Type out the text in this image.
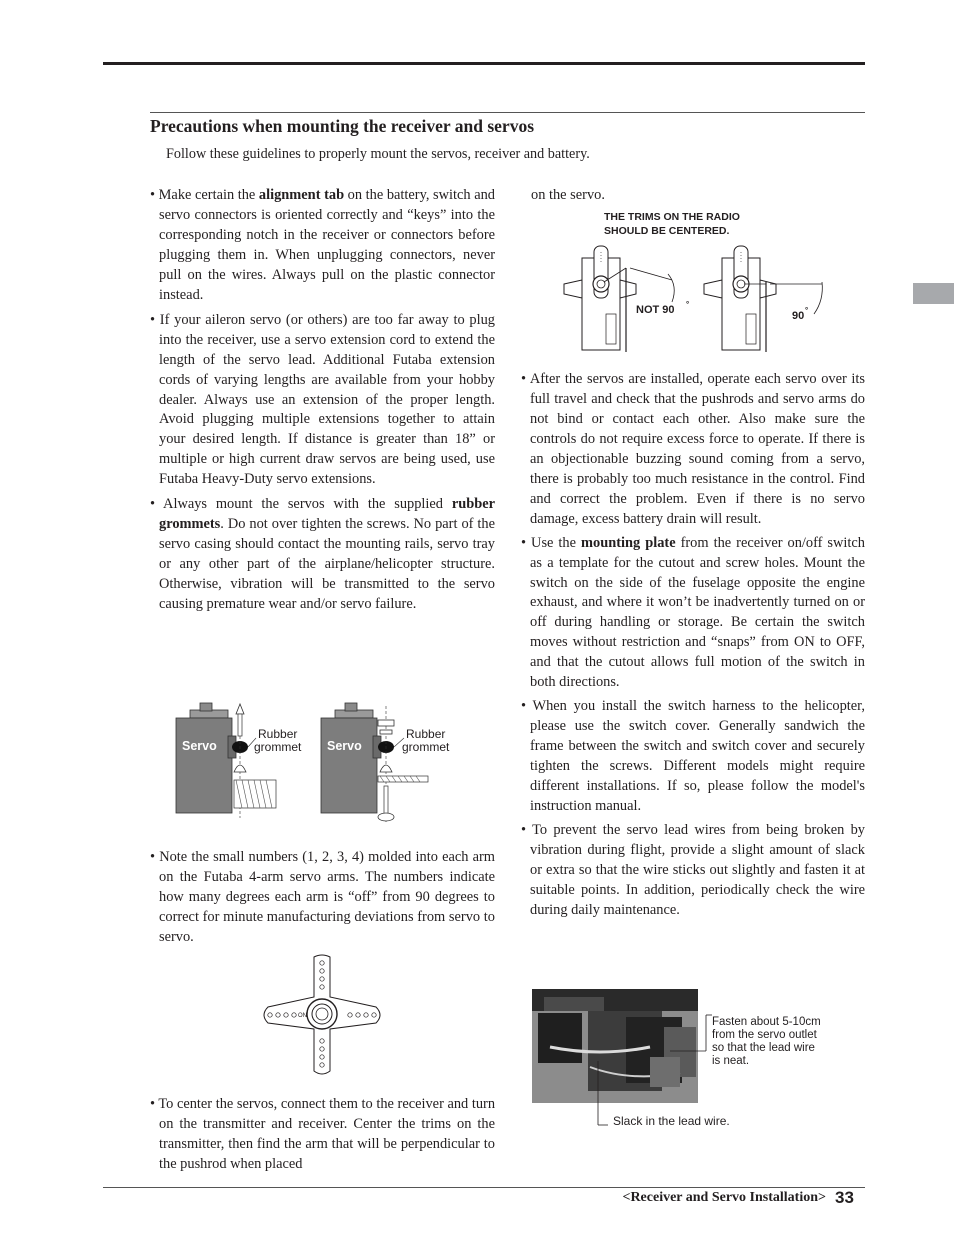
Precautions when mounting the receiver and servos
Follow these guidelines to properly mount the servos, receiver and battery.

• Make certain the alignment tab on the battery, switch and servo connectors is oriented correctly and “keys” into the corresponding notch in the receiver or connectors before plugging them in. When unplugging connectors, never pull on the wires. Always pull on the plastic connector instead.

• If your aileron servo (or others) are too far away to plug into the receiver, use a servo extension cord to extend the length of the servo lead. Additional Futaba extension cords of varying lengths are available from your hobby dealer. Always use an extension of the proper length. Avoid plugging multiple extensions together to attain your desired length. If distance is greater than 18” or multiple or high current draw servos are being used, use Futaba Heavy-Duty servo extensions.

• Always mount the servos with the supplied rubber grommets. Do not over tighten the screws. No part of the servo casing should contact the mounting rails, servo tray or any other part of the airplane/helicopter structure. Otherwise, vibration will be transmitted to the servo causing premature wear and/or servo failure.

Servo
Rubber
grommet Servo
Rubber
grommet

• Note the small numbers (1, 2, 3, 4) molded into each arm on the Futaba 4-arm servo arms. The numbers indicate how many degrees each arm is “off” from 90 degrees to correct for minute manufacturing deviations from servo to servo.

ON

• To center the servos, connect them to the receiver and turn on the transmitter and receiver. Center the trims on the transmitter, then find the arm that will be perpendicular to the pushrod when placed

on the servo.

THE TRIMS ON THE RADIO
SHOULD BE CENTERED.
NOT 90 °
90 °

• After the servos are installed, operate each servo over its full travel and check that the pushrods and servo arms do not bind or contact each other. Also make sure the controls do not require excess force to operate. If there is an objectionable buzzing sound coming from a servo, there is probably too much resistance in the control. Find and correct the problem. Even if there is no servo damage, excess battery drain will result.

• Use the mounting plate from the receiver on/off switch as a template for the cutout and screw holes. Mount the switch on the side of the fuselage opposite the engine exhaust, and where it won’t be inadvertently turned on or off during handling or storage. Be certain the switch moves without restriction and “snaps” from ON to OFF, and that the cutout allows full motion of the switch in both directions.

• When you install the switch harness to the helicopter, please use the switch cover. Generally sandwich the frame between the switch and switch cover and securely tighten the screws. Different models might require different installations. If so, please follow the model's instruction manual.

• To prevent the servo lead wires from being broken by vibration during flight, provide a slight amount of slack or extra so that the wire sticks out slightly and fasten it at suitable points. In addition, periodically check the wire during daily maintenance.

Fasten about 5-10cm
from the servo outlet
so that the lead wire
is neat.
Slack in the lead wire.
<Receiver and Servo Installation> 33
